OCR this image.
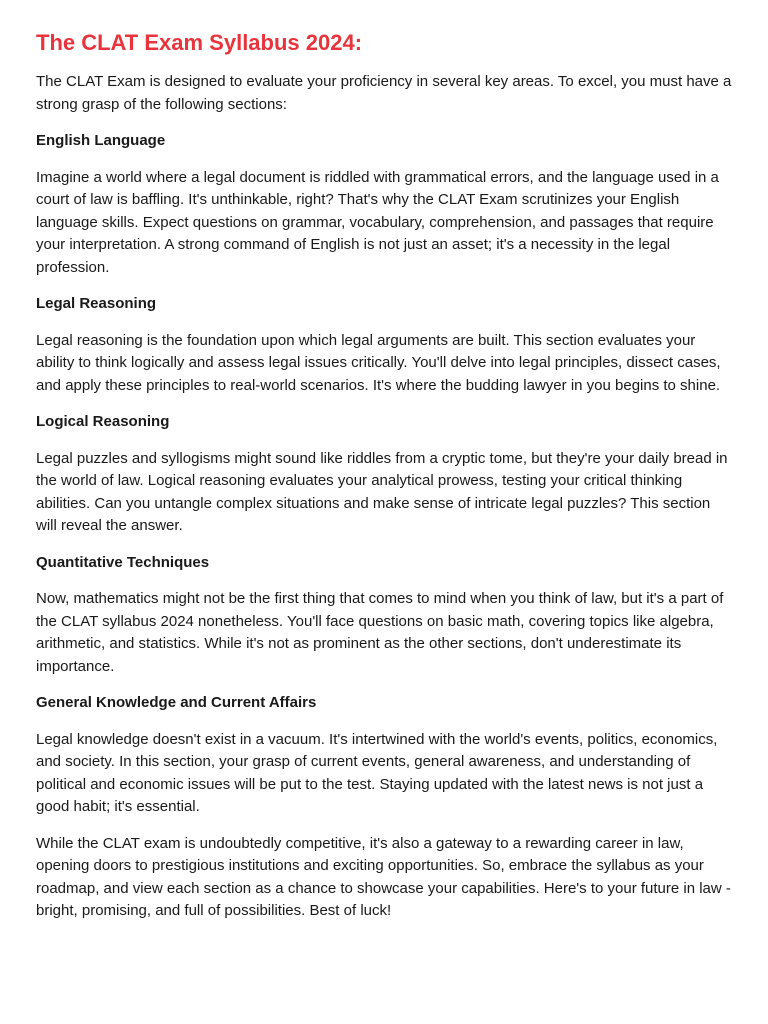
The CLAT Exam Syllabus 2024:

The CLAT Exam is designed to evaluate your proficiency in several key areas. To excel, you must have a strong grasp of the following sections:

English Language

Imagine a world where a legal document is riddled with grammatical errors, and the language used in a court of law is baffling. It's unthinkable, right? That's why the CLAT Exam scrutinizes your English language skills. Expect questions on grammar, vocabulary, comprehension, and passages that require your interpretation. A strong command of English is not just an asset; it's a necessity in the legal profession.

Legal Reasoning

Legal reasoning is the foundation upon which legal arguments are built. This section evaluates your ability to think logically and assess legal issues critically. You'll delve into legal principles, dissect cases, and apply these principles to real-world scenarios. It's where the budding lawyer in you begins to shine.

Logical Reasoning

Legal puzzles and syllogisms might sound like riddles from a cryptic tome, but they're your daily bread in the world of law. Logical reasoning evaluates your analytical prowess, testing your critical thinking abilities. Can you untangle complex situations and make sense of intricate legal puzzles? This section will reveal the answer.

Quantitative Techniques

Now, mathematics might not be the first thing that comes to mind when you think of law, but it's a part of the CLAT syllabus 2024 nonetheless. You'll face questions on basic math, covering topics like algebra, arithmetic, and statistics. While it's not as prominent as the other sections, don't underestimate its importance.

General Knowledge and Current Affairs

Legal knowledge doesn't exist in a vacuum. It's intertwined with the world's events, politics, economics, and society. In this section, your grasp of current events, general awareness, and understanding of political and economic issues will be put to the test. Staying updated with the latest news is not just a good habit; it's essential.

While the CLAT exam is undoubtedly competitive, it's also a gateway to a rewarding career in law, opening doors to prestigious institutions and exciting opportunities. So, embrace the syllabus as your roadmap, and view each section as a chance to showcase your capabilities. Here's to your future in law - bright, promising, and full of possibilities. Best of luck!
